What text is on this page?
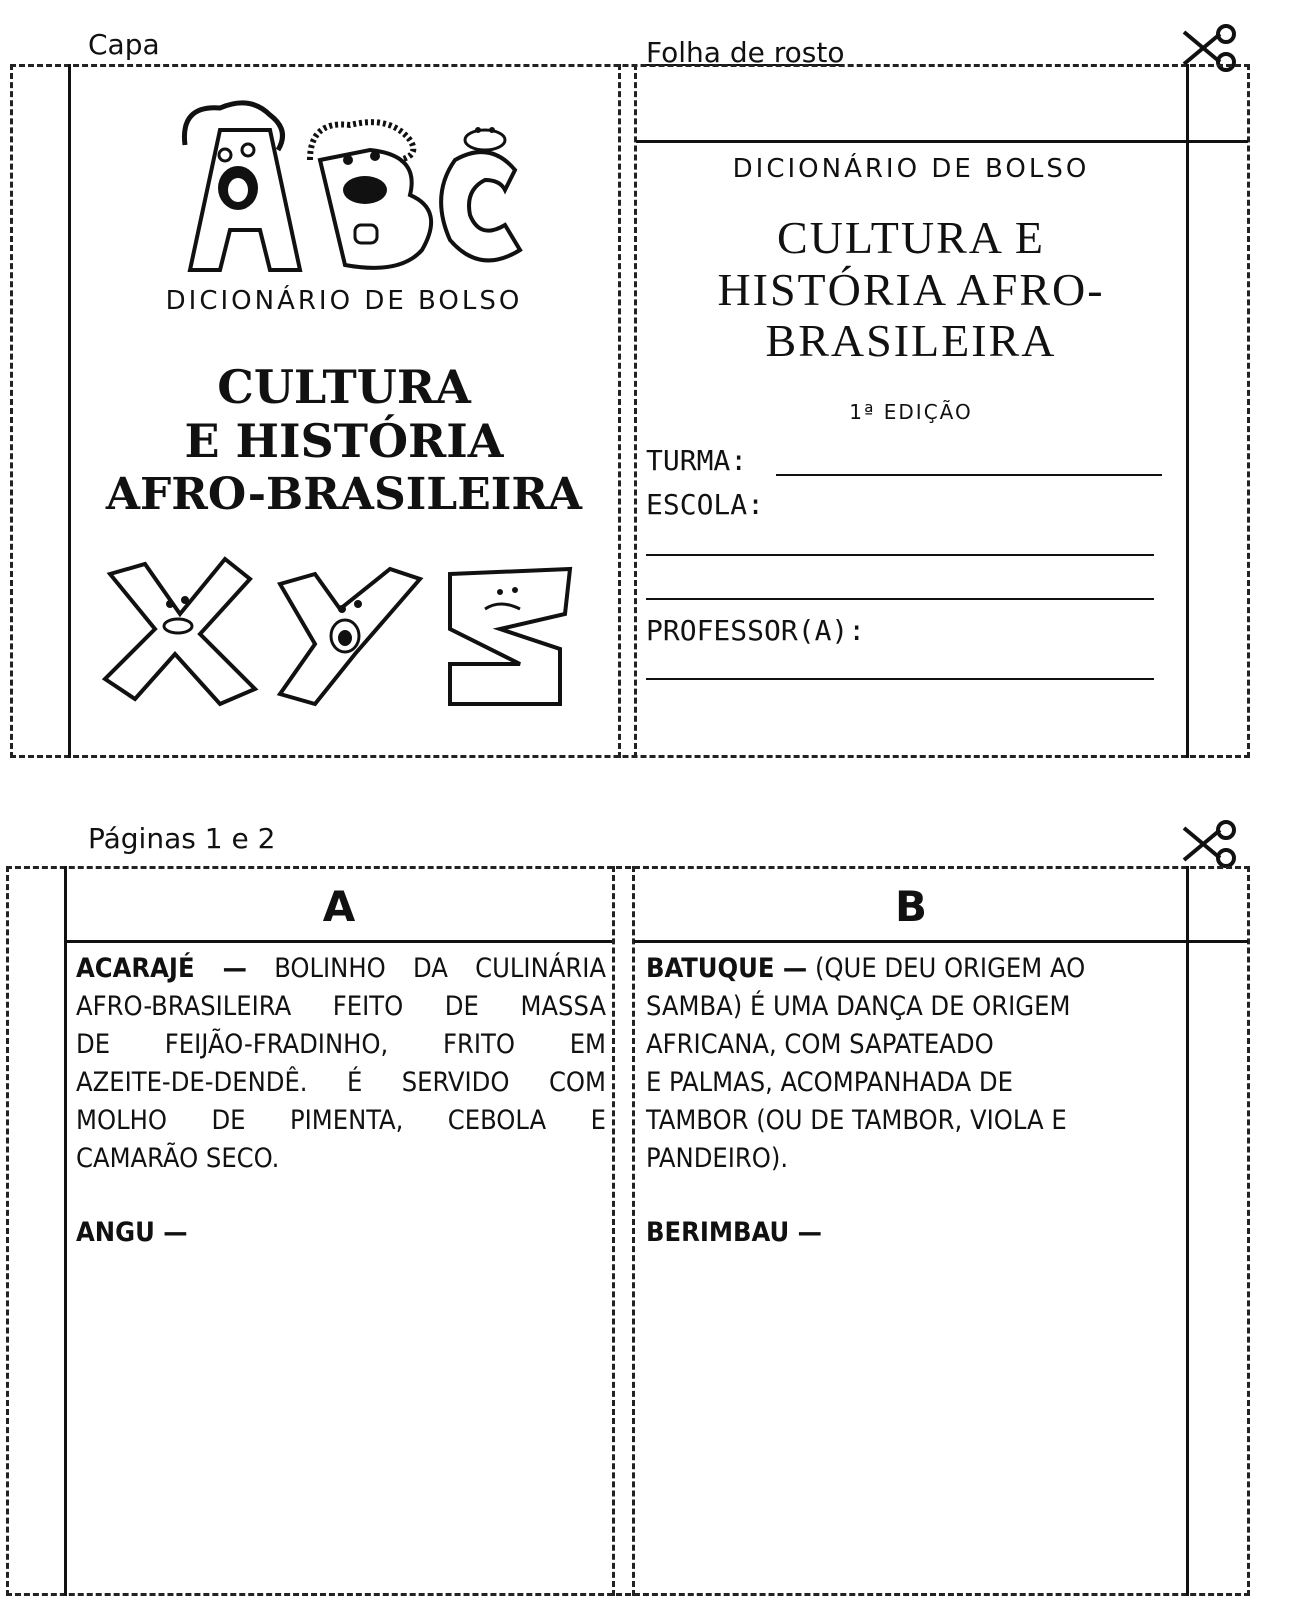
Capa	Folha de rosto
DICIONÁRIO DE BOLSO
CULTURA
E HISTÓRIA
AFRO-BRASILEIRA
DICIONÁRIO DE BOLSO
CULTURA E
HISTÓRIA AFRO-
BRASILEIRA
1ª EDIÇÃO
TURMA:
ESCOLA:
PROFESSOR(A):
Páginas 1 e 2
A
ACARAJÉ — BOLINHO DA CULINÁRIA
AFRO-BRASILEIRA FEITO DE MASSA
DE FEIJÃO-FRADINHO, FRITO EM
AZEITE-DE-DENDÊ. É SERVIDO COM
MOLHO DE PIMENTA, CEBOLA E
CAMARÃO SECO.
ANGU —
B
BATUQUE — (QUE DEU ORIGEM AO
SAMBA) É UMA DANÇA DE ORIGEM
AFRICANA, COM SAPATEADO
E PALMAS, ACOMPANHADA DE
TAMBOR (OU DE TAMBOR, VIOLA E
PANDEIRO).
BERIMBAU —
